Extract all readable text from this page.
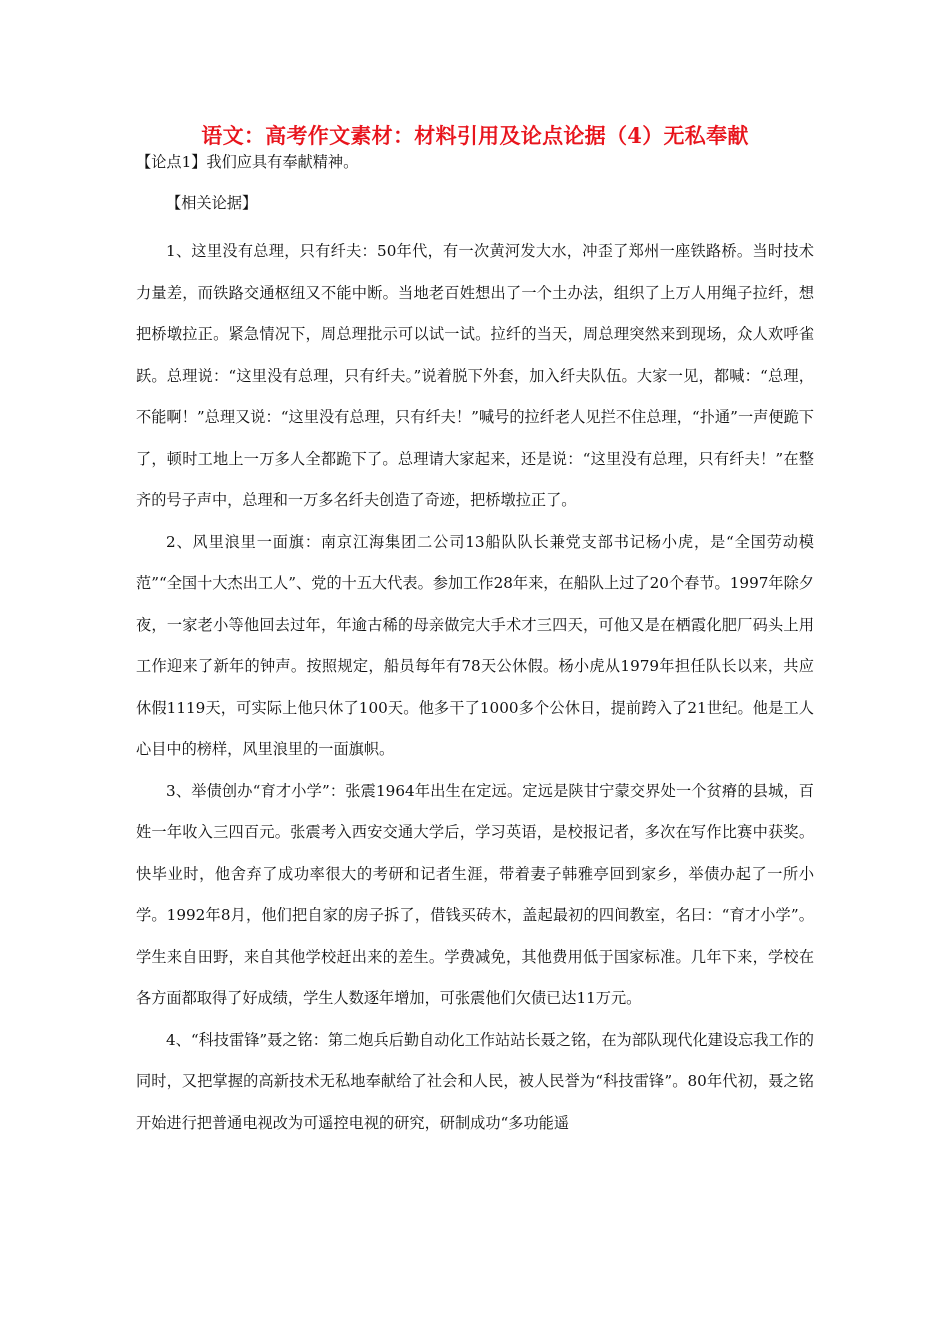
语文：高考作文素材：材料引用及论点论据（4）无私奉献
【论点1】我们应具有奉献精神。
【相关论据】
1、这里没有总理，只有纤夫：50年代，有一次黄河发大水，冲歪了郑州一座铁路桥。当时技术力量差，而铁路交通枢纽又不能中断。当地老百姓想出了一个土办法，组织了上万人用绳子拉纤，想把桥墩拉正。紧急情况下，周总理批示可以试一试。拉纤的当天，周总理突然来到现场，众人欢呼雀跃。总理说：“这里没有总理，只有纤夫。”说着脱下外套，加入纤夫队伍。大家一见，都喊：“总理，不能啊！”总理又说：“这里没有总理，只有纤夫！”喊号的拉纤老人见拦不住总理，“扑通”一声便跪下了，顿时工地上一万多人全都跪下了。总理请大家起来，还是说：“这里没有总理，只有纤夫！”在整齐的号子声中，总理和一万多名纤夫创造了奇迹，把桥墩拉正了。
2、风里浪里一面旗：南京江海集团二公司13船队队长兼党支部书记杨小虎，是“全国劳动模范”“全国十大杰出工人”、党的十五大代表。参加工作28年来，在船队上过了20个春节。1997年除夕夜，一家老小等他回去过年，年逾古稀的母亲做完大手术才三四天，可他又是在栖霞化肥厂码头上用工作迎来了新年的钟声。按照规定，船员每年有78天公休假。杨小虎从1979年担任队长以来，共应休假1119天，可实际上他只休了100天。他多干了1000多个公休日，提前跨入了21世纪。他是工人心目中的榜样，风里浪里的一面旗帜。
3、举债创办“育才小学”：张震1964年出生在定远。定远是陕甘宁蒙交界处一个贫瘠的县城，百姓一年收入三四百元。张震考入西安交通大学后，学习英语，是校报记者，多次在写作比赛中获奖。快毕业时，他舍弃了成功率很大的考研和记者生涯，带着妻子韩雅亭回到家乡，举债办起了一所小学。1992年8月，他们把自家的房子拆了，借钱买砖木，盖起最初的四间教室，名曰：“育才小学”。学生来自田野，来自其他学校赶出来的差生。学费减免，其他费用低于国家标准。几年下来，学校在各方面都取得了好成绩，学生人数逐年增加，可张震他们欠债已达11万元。
4、“科技雷锋”聂之铭：第二炮兵后勤自动化工作站站长聂之铭，在为部队现代化建设忘我工作的同时，又把掌握的高新技术无私地奉献给了社会和人民，被人民誉为“科技雷锋”。80年代初，聂之铭开始进行把普通电视改为可遥控电视的研究，研制成功“多功能遥
